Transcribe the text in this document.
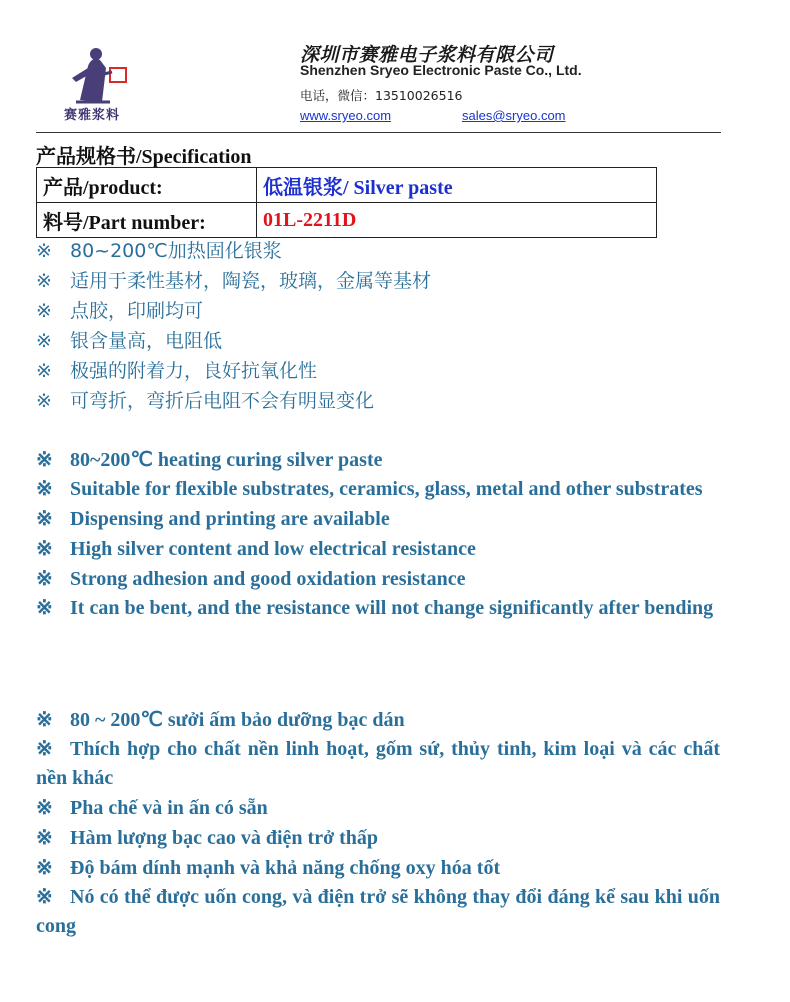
赛雅浆料
深圳市赛雅电子浆料有限公司
Shenzhen Sryeo Electronic Paste Co., Ltd.
电话，微信：13510026516
www.sryeo.com	sales@sryeo.com
产品规格书/Specification
产品/product:	低温银浆/ Silver paste
料号/Part number:	01L-2211D
※ 80~200℃加热固化银浆
※ 适用于柔性基材，陶瓷，玻璃，金属等基材
※ 点胶，印刷均可
※ 银含量高，电阻低
※ 极强的附着力，良好抗氧化性
※ 可弯折，弯折后电阻不会有明显变化
※ 80~200℃ heating curing silver paste
※ Suitable for flexible substrates, ceramics, glass, metal and other substrates
※ Dispensing and printing are available
※ High silver content and low electrical resistance
※ Strong adhesion and good oxidation resistance
※ It can be bent, and the resistance will not change significantly after bending
※ 80 ~ 200℃ sưởi ấm bảo dưỡng bạc dán
※ Thích hợp cho chất nền linh hoạt, gốm sứ, thủy tinh, kim loại và các chất nền khác
※ Pha chế và in ấn có sẵn
※ Hàm lượng bạc cao và điện trở thấp
※ Độ bám dính mạnh và khả năng chống oxy hóa tốt
※ Nó có thể được uốn cong, và điện trở sẽ không thay đổi đáng kể sau khi uốn cong
